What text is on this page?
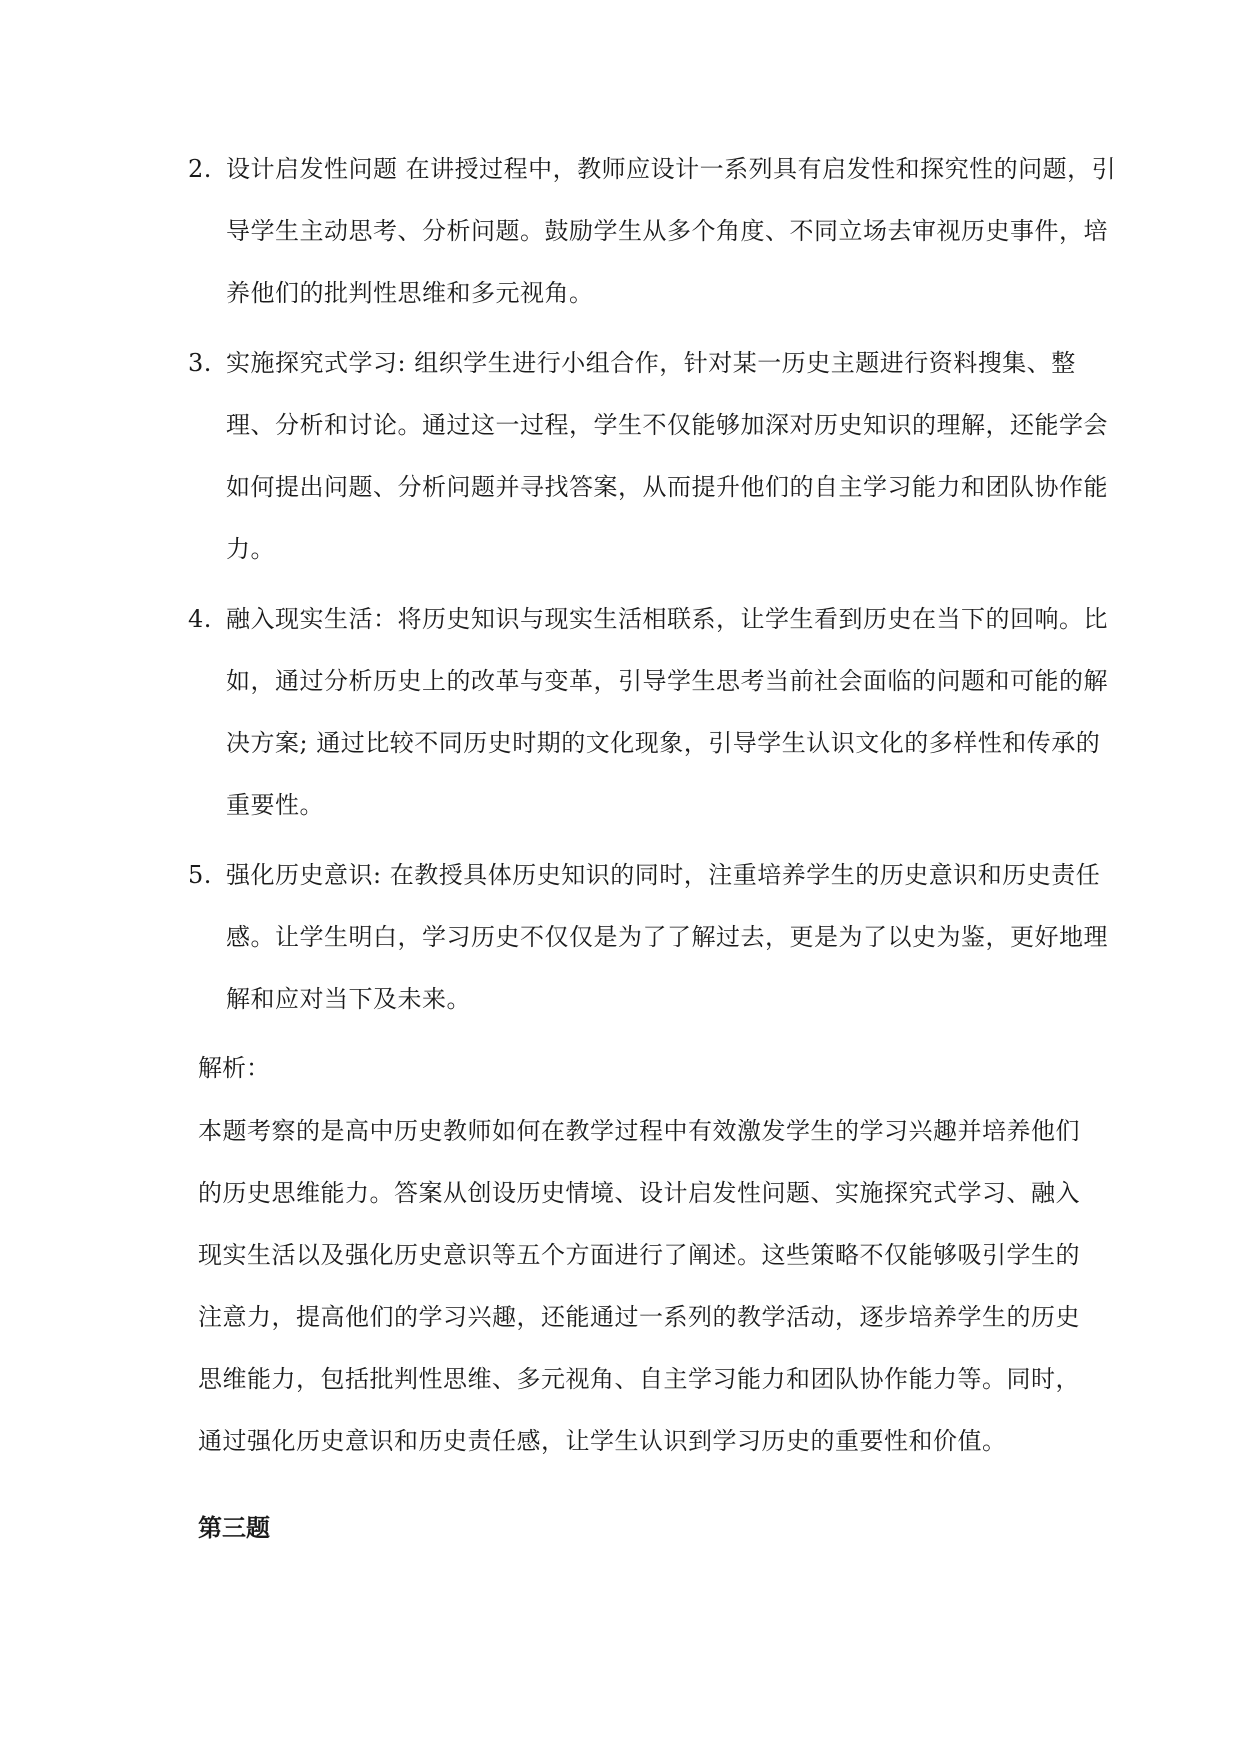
2. 设计启发性问题 在讲授过程中，教师应设计一系列具有启发性和探究性的问题，引导学生主动思考、分析问题。鼓励学生从多个角度、不同立场去审视历史事件，培养他们的批判性思维和多元视角。
3. 实施探究式学习: 组织学生进行小组合作，针对某一历史主题进行资料搜集、整理、分析和讨论。通过这一过程，学生不仅能够加深对历史知识的理解，还能学会如何提出问题、分析问题并寻找答案，从而提升他们的自主学习能力和团队协作能力。
4. 融入现实生活：将历史知识与现实生活相联系，让学生看到历史在当下的回响。比如，通过分析历史上的改革与变革，引导学生思考当前社会面临的问题和可能的解决方案; 通过比较不同历史时期的文化现象，引导学生认识文化的多样性和传承的重要性。
5. 强化历史意识: 在教授具体历史知识的同时，注重培养学生的历史意识和历史责任感。让学生明白，学习历史不仅仅是为了了解过去，更是为了以史为鉴，更好地理解和应对当下及未来。
解析：

本题考察的是高中历史教师如何在教学过程中有效激发学生的学习兴趣并培养他们的历史思维能力。答案从创设历史情境、设计启发性问题、实施探究式学习、融入现实生活以及强化历史意识等五个方面进行了阐述。这些策略不仅能够吸引学生的注意力，提高他们的学习兴趣，还能通过一系列的教学活动，逐步培养学生的历史思维能力，包括批判性思维、多元视角、自主学习能力和团队协作能力等。同时，通过强化历史意识和历史责任感，让学生认识到学习历史的重要性和价值。

第三题
